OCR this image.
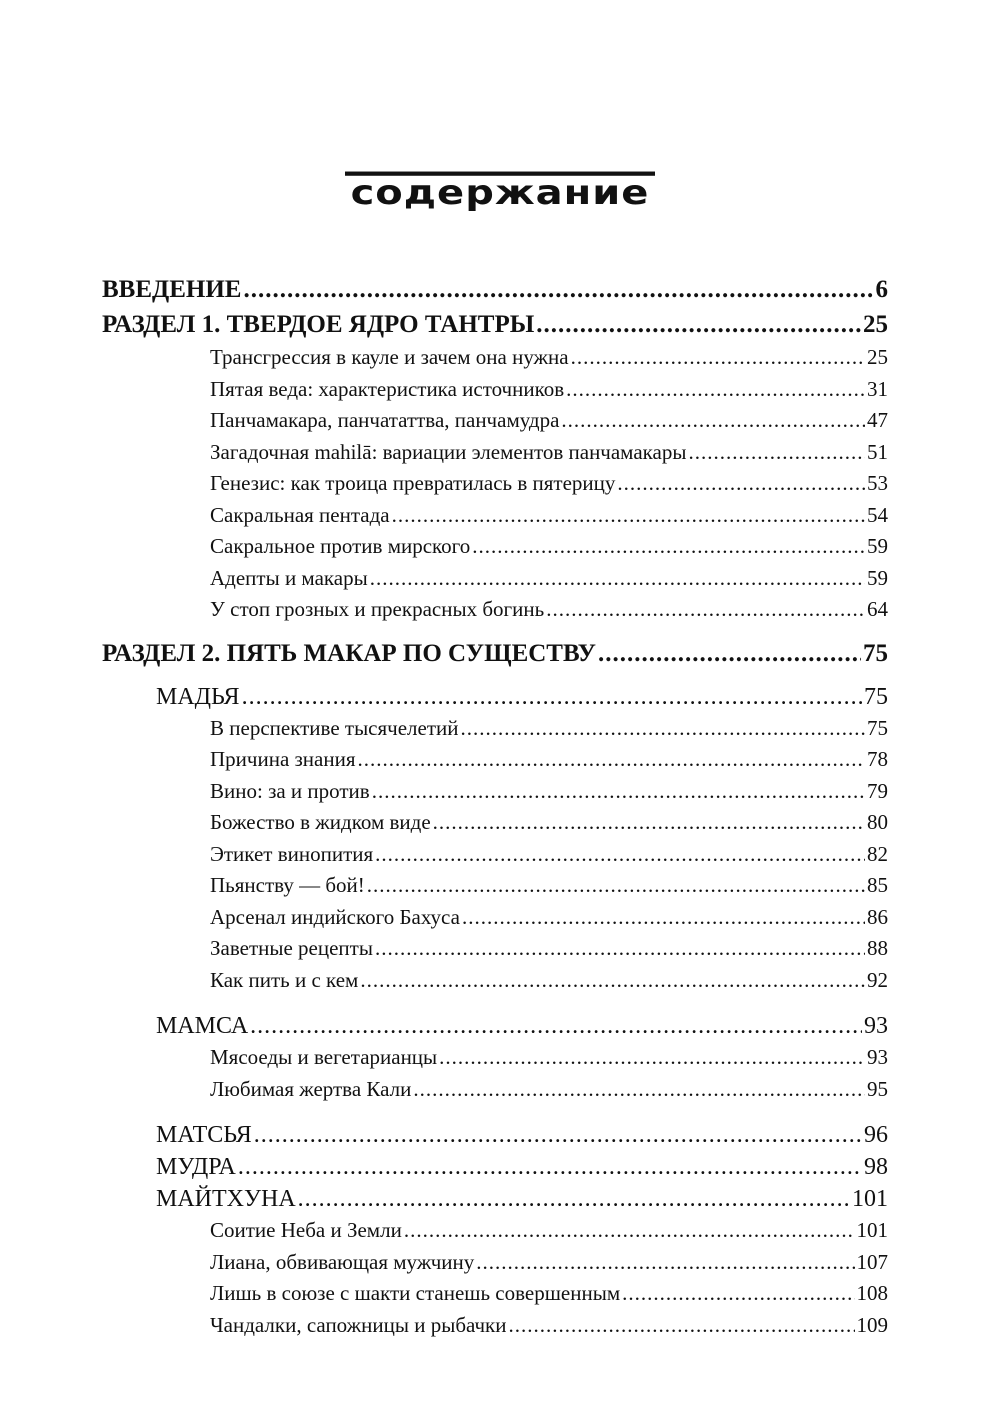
содержание
ВВЕДЕНИЕ .....	6
РАЗДЕЛ 1. ТВЕРДОЕ ЯДРО ТАНТРЫ .....	25
Трансгрессия в кауле и зачем она нужна .....	25
Пятая веда: характеристика источников .....	31
Панчамакара, панчататтва, панчамудра .....	47
Загадочная mahilā: вариации элементов панчамакары .....	51
Генезис: как троица превратилась в пятерицу .....	53
Сакральная пентада .....	54
Сакральное против мирского .....	59
Адепты и макары .....	59
У стоп грозных и прекрасных богинь .....	64
РАЗДЕЛ 2. ПЯТЬ МАКАР ПО СУЩЕСТВУ .....	75
МАДЬЯ .....	75
В перспективе тысячелетий .....	75
Причина знания .....	78
Вино: за и против .....	79
Божество в жидком виде .....	80
Этикет винопития .....	82
Пьянству — бой! .....	85
Арсенал индийского Бахуса .....	86
Заветные рецепты .....	88
Как пить и с кем .....	92
МАМСА .....	93
Мясоеды и вегетарианцы .....	93
Любимая жертва Кали .....	95
МАТСЬЯ .....	96
МУДРА .....	98
МАЙТХУНА .....	101
Соитие Неба и Земли .....	101
Лиана, обвивающая мужчину .....	107
Лишь в союзе с шакти станешь совершенным .....	108
Чандалки, сапожницы и рыбачки .....	109
